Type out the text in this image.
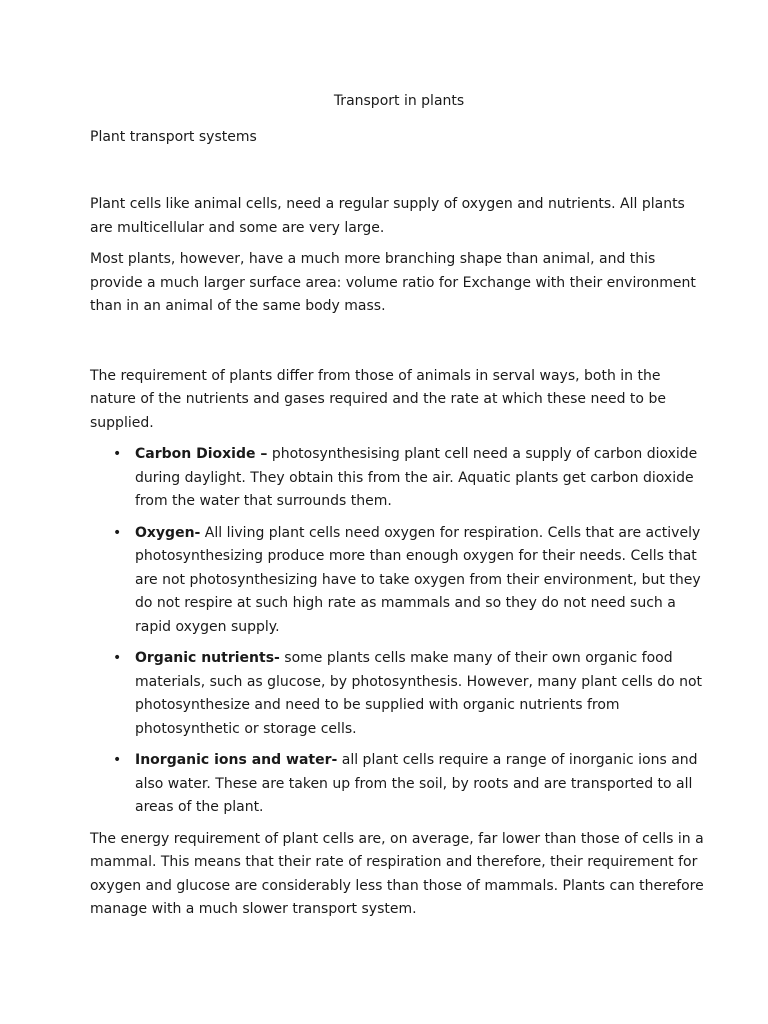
Transport in plants
Plant transport systems

Plant cells like animal cells, need a regular supply of oxygen and nutrients. All plants are multicellular and some are very large.

Most plants, however, have a much more branching shape than animal, and this provide a much larger surface area: volume ratio for Exchange with their environment than in an animal of the same body mass.

The requirement of plants differ from those of animals in serval ways, both in the nature of the nutrients and gases required and the rate at which these need to be supplied.

• Carbon Dioxide – photosynthesising plant cell need a supply of carbon dioxide during daylight. They obtain this from the air. Aquatic plants get carbon dioxide from the water that surrounds them.
• Oxygen- All living plant cells need oxygen for respiration. Cells that are actively photosynthesizing produce more than enough oxygen for their needs. Cells that are not photosynthesizing have to take oxygen from their environment, but they do not respire at such high rate as mammals and so they do not need such a rapid oxygen supply.
• Organic nutrients- some plants cells make many of their own organic food materials, such as glucose, by photosynthesis. However, many plant cells do not photosynthesize and need to be supplied with organic nutrients from photosynthetic or storage cells.
• Inorganic ions and water- all plant cells require a range of inorganic ions and also water. These are taken up from the soil, by roots and are transported to all areas of the plant.

The energy requirement of plant cells are, on average, far lower than those of cells in a mammal. This means that their rate of respiration and therefore, their requirement for oxygen and glucose are considerably less than those of mammals. Plants can therefore manage with a much slower transport system.
